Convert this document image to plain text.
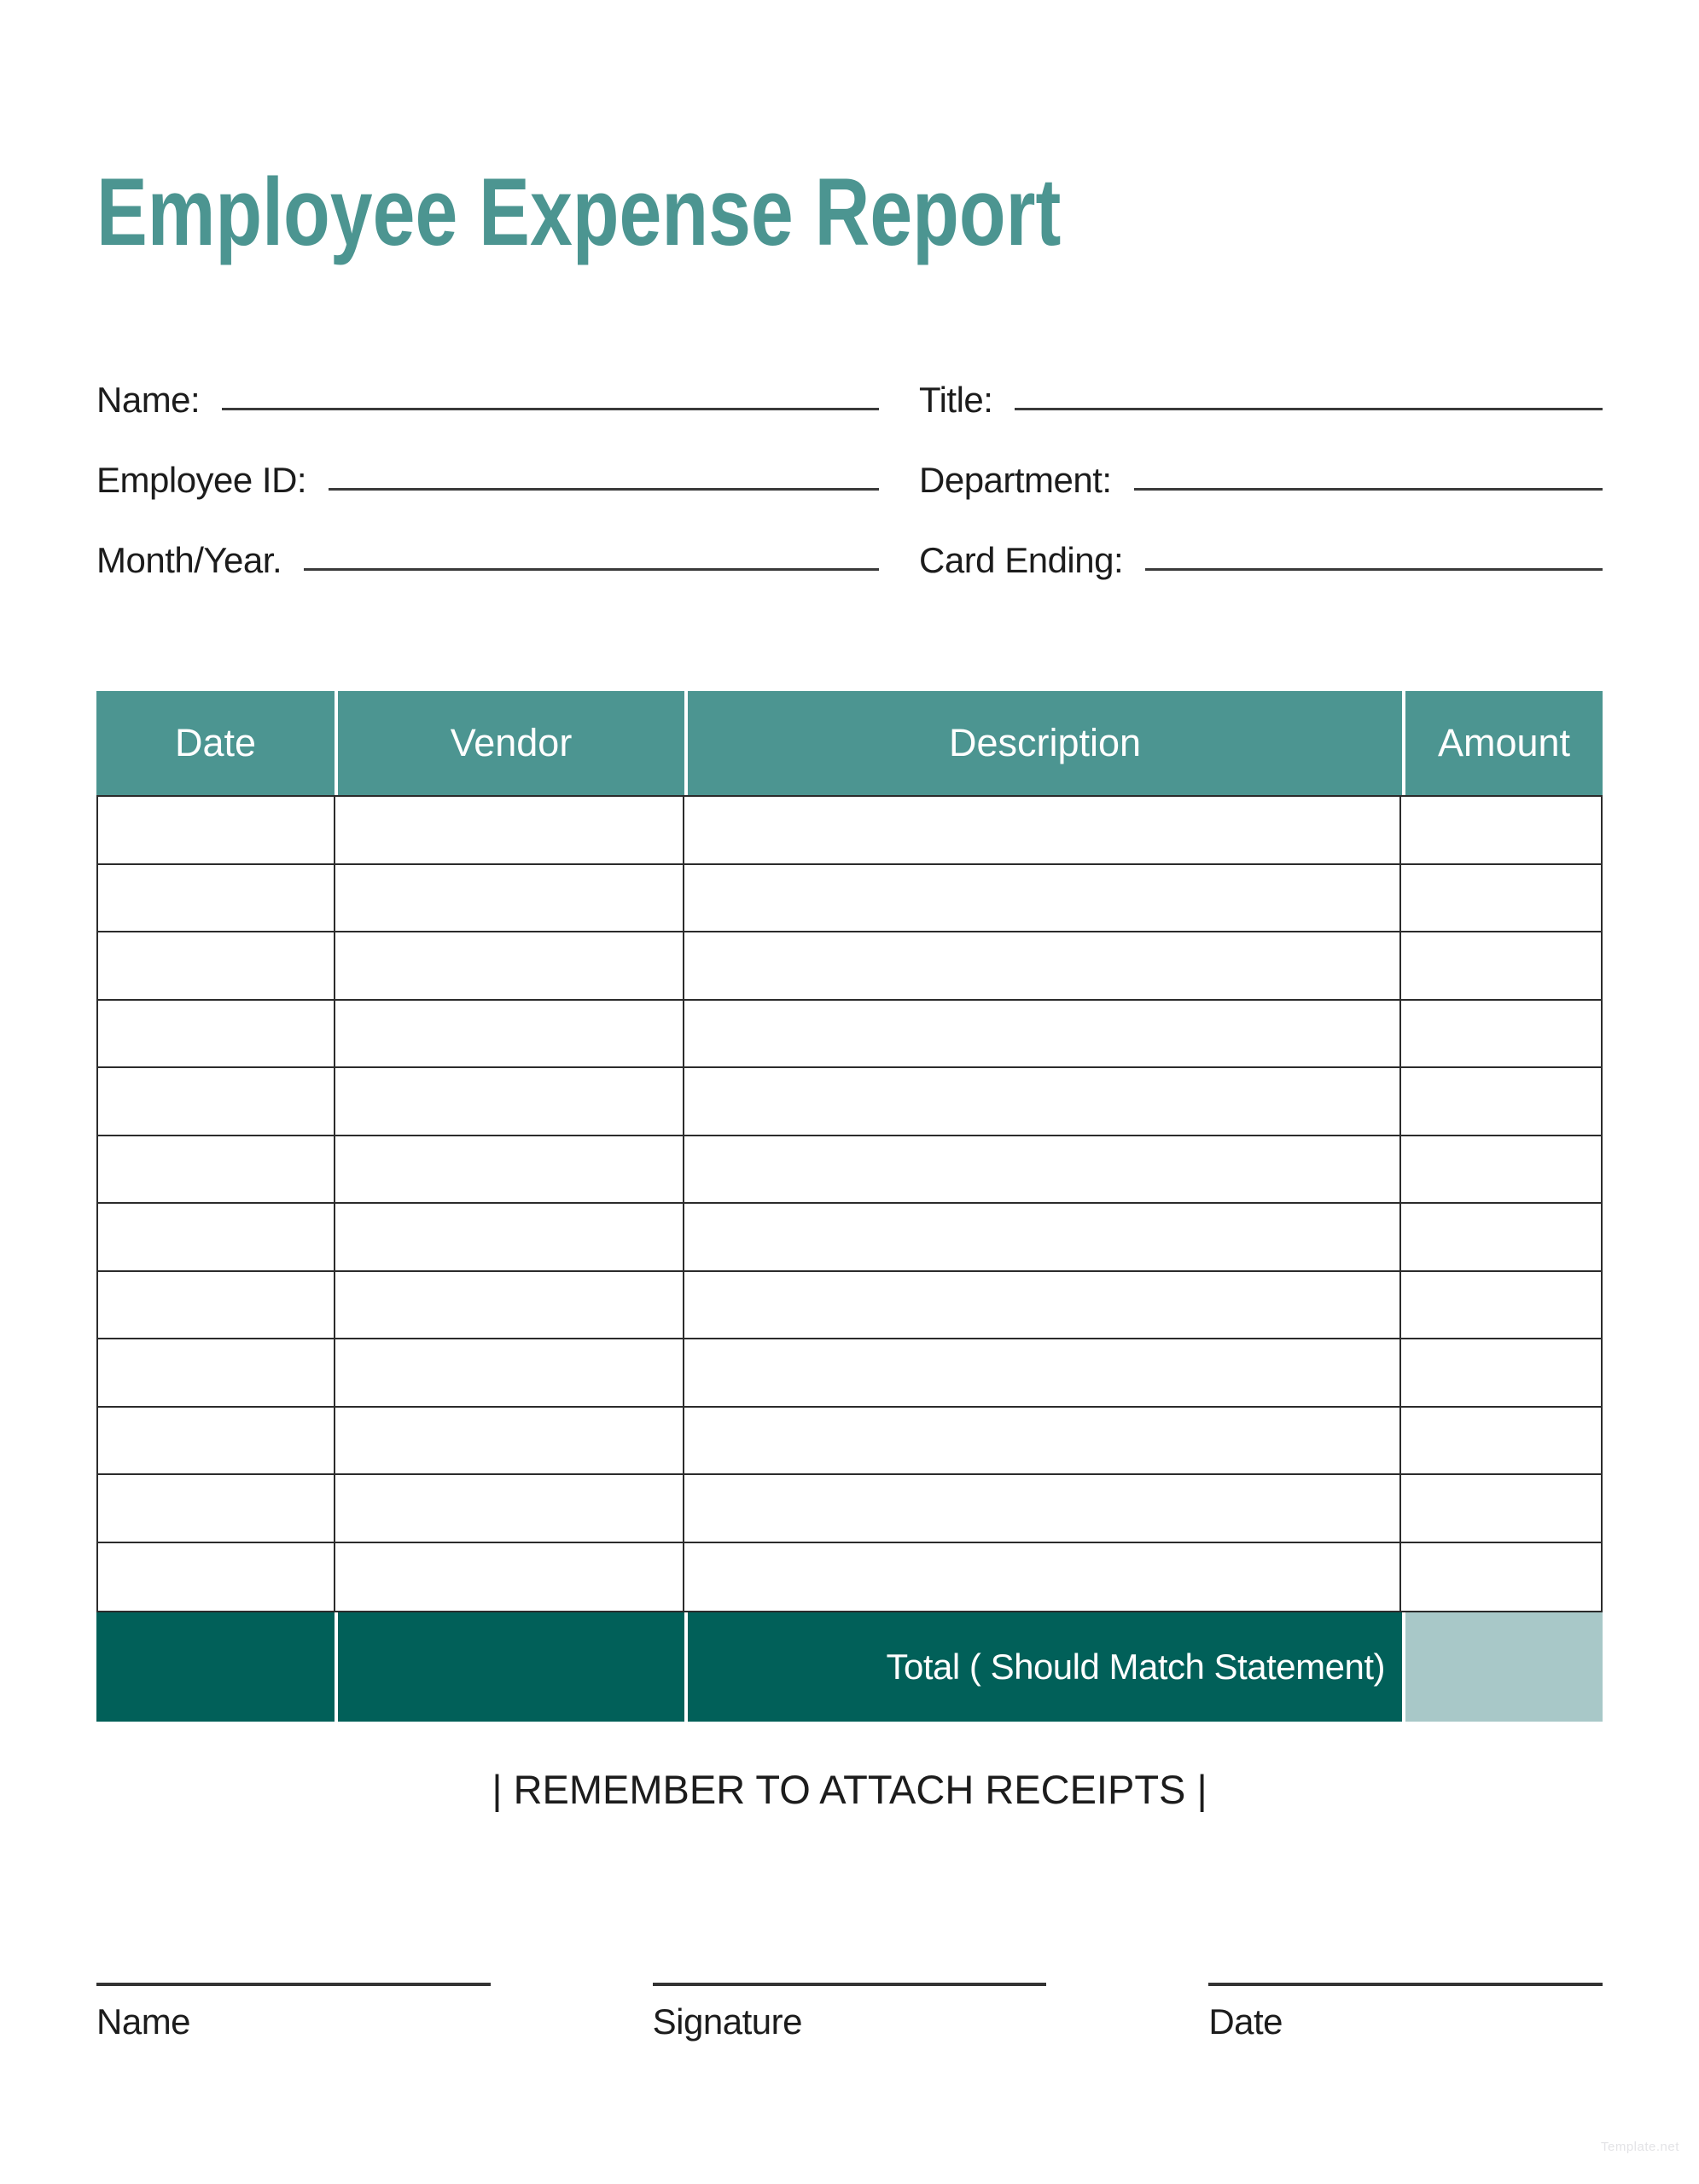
Employee Expense Report
Name:
Employee ID:
Month/Year.
Title:
Department:
Card Ending:
Date	Vendor	Description	Amount
Total ( Should Match Statement)
| REMEMBER TO ATTACH RECEIPTS |
Name	Signature	Date
Template.net
